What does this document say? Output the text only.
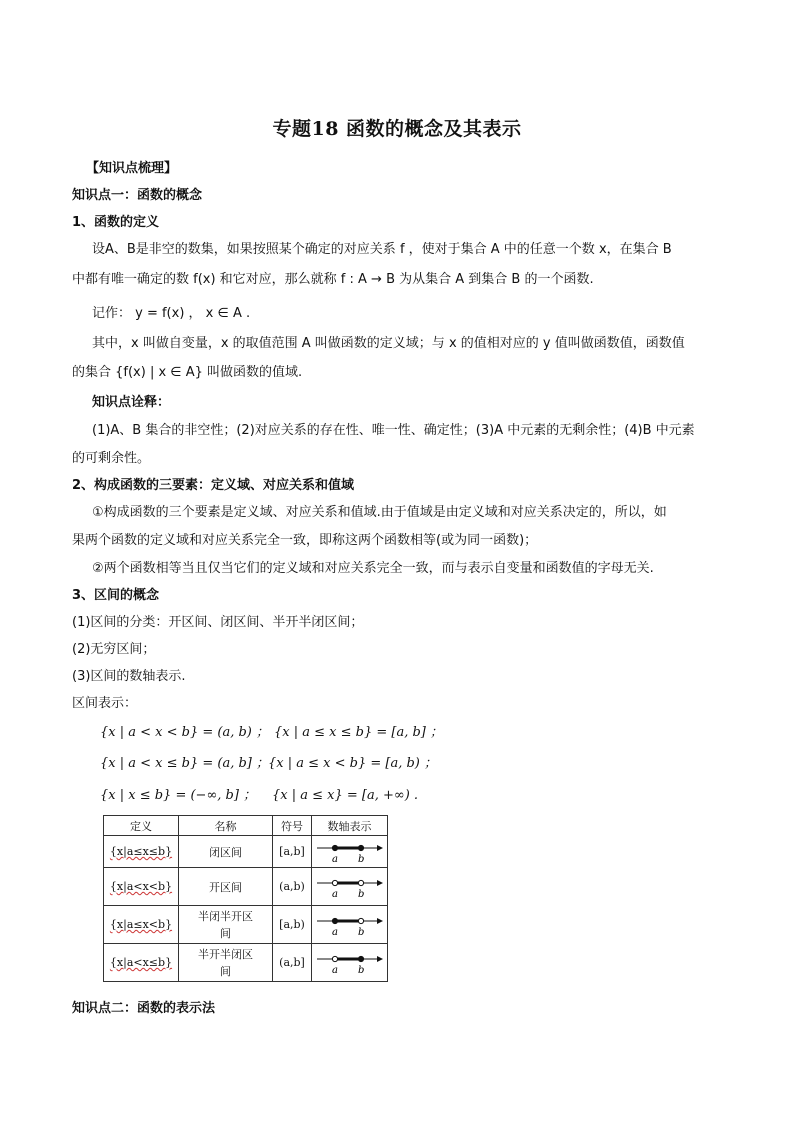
专题18 函数的概念及其表示
【知识点梳理】
知识点一：函数的概念
1、函数的定义
设A、B是非空的数集，如果按照某个确定的对应关系 f ，使对于集合 A 中的任意一个数 x，在集合 B
中都有唯一确定的数 f(x) 和它对应，那么就称 f : A → B 为从集合 A 到集合 B 的一个函数.
记作： y = f(x) ， x ∈ A .
其中，x 叫做自变量，x 的取值范围 A 叫做函数的定义域；与 x 的值相对应的 y 值叫做函数值，函数值
的集合 {f(x) | x ∈ A} 叫做函数的值域.
知识点诠释：
(1)A、B 集合的非空性；(2)对应关系的存在性、唯一性、确定性；(3)A 中元素的无剩余性；(4)B 中元素
的可剩余性。
2、构成函数的三要素：定义域、对应关系和值域
①构成函数的三个要素是定义域、对应关系和值域.由于值域是由定义域和对应关系决定的，所以，如
果两个函数的定义域和对应关系完全一致，即称这两个函数相等(或为同一函数)；
②两个函数相等当且仅当它们的定义域和对应关系完全一致，而与表示自变量和函数值的字母无关.
3、区间的概念
(1)区间的分类：开区间、闭区间、半开半闭区间；
(2)无穷区间；
(3)区间的数轴表示.
区间表示：
{x | a < x < b} = (a, b) ； {x | a ≤ x ≤ b} = [a, b] ；
{x | a < x ≤ b} = (a, b] ；
{x | a ≤ x < b} = [a, b) ；
{x | x ≤ b} = (−∞, b] ；	{x | a ≤ x} = [a, +∞) .
定义	名称	符号	数轴表示
{x|a≤x≤b}	闭区间	[a,b]	a b

{x|a<x<b}	开区间	(a,b)	a b

{x|a≤x<b}	半闭半开区间	[a,b)	a b

{x|a<x≤b}	半开半闭区间	(a,b]	a b
知识点二：函数的表示法
